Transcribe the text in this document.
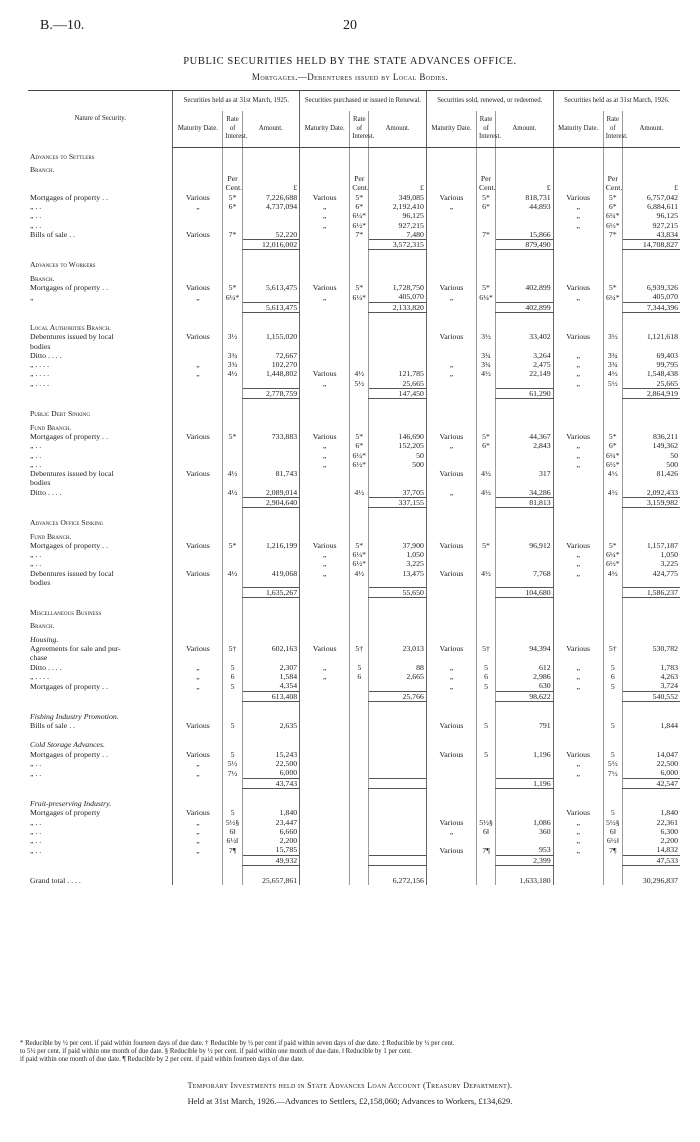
B.—10.	20
PUBLIC SECURITIES HELD BY THE STATE ADVANCES OFFICE.
Mortgages.—Debentures issued by Local Bodies.
Nature of Security.	Securities held as at 31st March, 1925.			Securities purchased or issued in Renewal.			Securities sold, renewed, or redeemed.			Securities held as at 31st March, 1926.		
	Maturity Date.	Rate of Interest.	Amount.	Maturity Date.	Rate of Interest.	Amount.	Maturity Date.	Rate of Interest.	Amount.	Maturity Date.	Rate of Interest.	Amount.
Advances to Settlers												
Branch.												
		Per			Per			Per			Per	
		Cent.	£		Cent.	£		Cent.	£		Cent.	£
Mortgages of property . .	Various	5*	7,226,688	Various	5*	349,085	Various	5*	818,731	Various	5*	6,757,042
„ . .	„	6*	4,737,094	„	6*	2,192,410	„	6*	44,893	„	6*	6,884,611
„ . .				„	6¼*	96,125				„	6¼*	96,125
„ . .				„	6½*	927,215				„	6½*	927,215
Bills of sale . .	Various	7*	52,220		7*	7,480		7*	15,866		7*	43,834
			12,016,002			3,572,315			879,490			14,708,827

Advances to Workers												
Branch.												
Mortgages of property . .	Various	5*	5,613,475	Various	5*	1,728,750	Various	5*	402,899	Various	5*	6,939,326
„	„	6¼*		„	6¼*	405,070	„	6¼*		„	6¼*	405,070
			5,613,475			2,133,820			402,899			7,344,396

Local Authorities Branch.												
Debentures issued by local	Various	3½	1,155,020				Various	3½	33,402	Various	3½	1,121,618
bodies												
Ditto . . . .		3¾	72,667					3¾	3,264	„	3¾	69,403
„ . . . .	„	3¾	102,270				„	3¾	2,475	„	3¾	99,795
„ . . . .	„	4½	1,448,802	Various	4½	121,785	„	4½	22,149	„	4½	1,548,438
„ . . . .				„	5½	25,665				„	5½	25,665
			2,778,759			147,450			61,290			2,864,919

Public Debt Sinking												
Fund Branch.												
Mortgages of property . .	Various	5*	733,883	Various	5*	146,690	Various	5*	44,367	Various	5*	836,211
„ . .				„	6*	152,205	„	6*	2,843	„	6*	149,362
„ . .				„	6¼*	50				„	6¼*	50
„ . .				„	6½*	500				„	6½*	500
Debentures issued by local	Various	4½	81,743				Various	4½	317		4½	81,426
bodies												
Ditto . . . .		4½	2,089,014		4½	37,705	„	4½	34,286		4½	2,092,433
			2,904,640			337,155			81,813			3,159,982

Advances Office Sinking												
Fund Branch.												
Mortgages of property . .	Various	5*	1,216,199	Various	5*	37,900	Various	5*	96,912	Various	5*	1,157,187
„ . .				„	6¼*	1,050				„	6¼*	1,050
„ . .				„	6½*	3,225				„	6½*	3,225
Debentures issued by local	Various	4½	419,068	„	4½	13,475	Various	4½	7,768	„	4½	424,775
bodies												
			1,635,267			55,650			104,680			1,586,237

Miscellaneous Business												
Branch.												
Housing.												
Agreements for sale and pur-	Various	5†	602,163	Various	5†	23,013	Various	5†	94,394	Various	5†	530,782
chase												
Ditto . . . .	„	5	2,307	„	5	88	„	5	612	„	5	1,783
„ . . . .	„	6	1,584	„	6	2,665	„	6	2,986	„	6	4,263
Mortgages of property . .	„	5	4,354				„	5	630	„	5	3,724
			613,408			25,766			98,622			540,552

Fishing Industry Promotion.												
Bills of sale . .	Various	5	2,635				Various	5	791		5	1,844

Cold Storage Advances.												
Mortgages of property . .	Various	5	15,243				Various	5	1,196	Various	5	14,047
„ . .	„	5½	22,500							„	5½	22,500
„ . .	„	7½	6,000							„	7½	6,000
			43,743						1,196			42,547

Fruit-preserving Industry.												
Mortgages of property	Various	5	1,840							Various	5	1,840
„ . .	„	5½§	23,447				Various	5½§	1,086	„	5½§	22,361
„ . .	„	6‖	6,660				„	6‖	360	„	6‖	6,300
„ . .	„	6½‖	2,200							„	6½‖	2,200
„ . .	„	7¶	15,785				Various	7¶	953	„	7¶	14,832
			49,932						2,399			47,533

Grand total . . . .			25,657,861			6,272,156			1,633,180			30,296,837
* Reducible by ½ per cent. if paid within fourteen days of due date. † Reducible by ½ per cent if paid within seven days of due date. ‡ Reducible by ½ per cent.
to 5½ per cent. if paid within one month of due date. § Reducible by ½ per cent. if paid within one month of due date. ‖ Reducible by 1 per cent.
if paid within one month of due date. ¶ Reducible by 2 per cent. if paid within fourteen days of due date.
Temporary Investments held in State Advances Loan Account (Treasury Department).
Held at 31st March, 1926.—Advances to Settlers, £2,158,060; Advances to Workers, £134,629.
